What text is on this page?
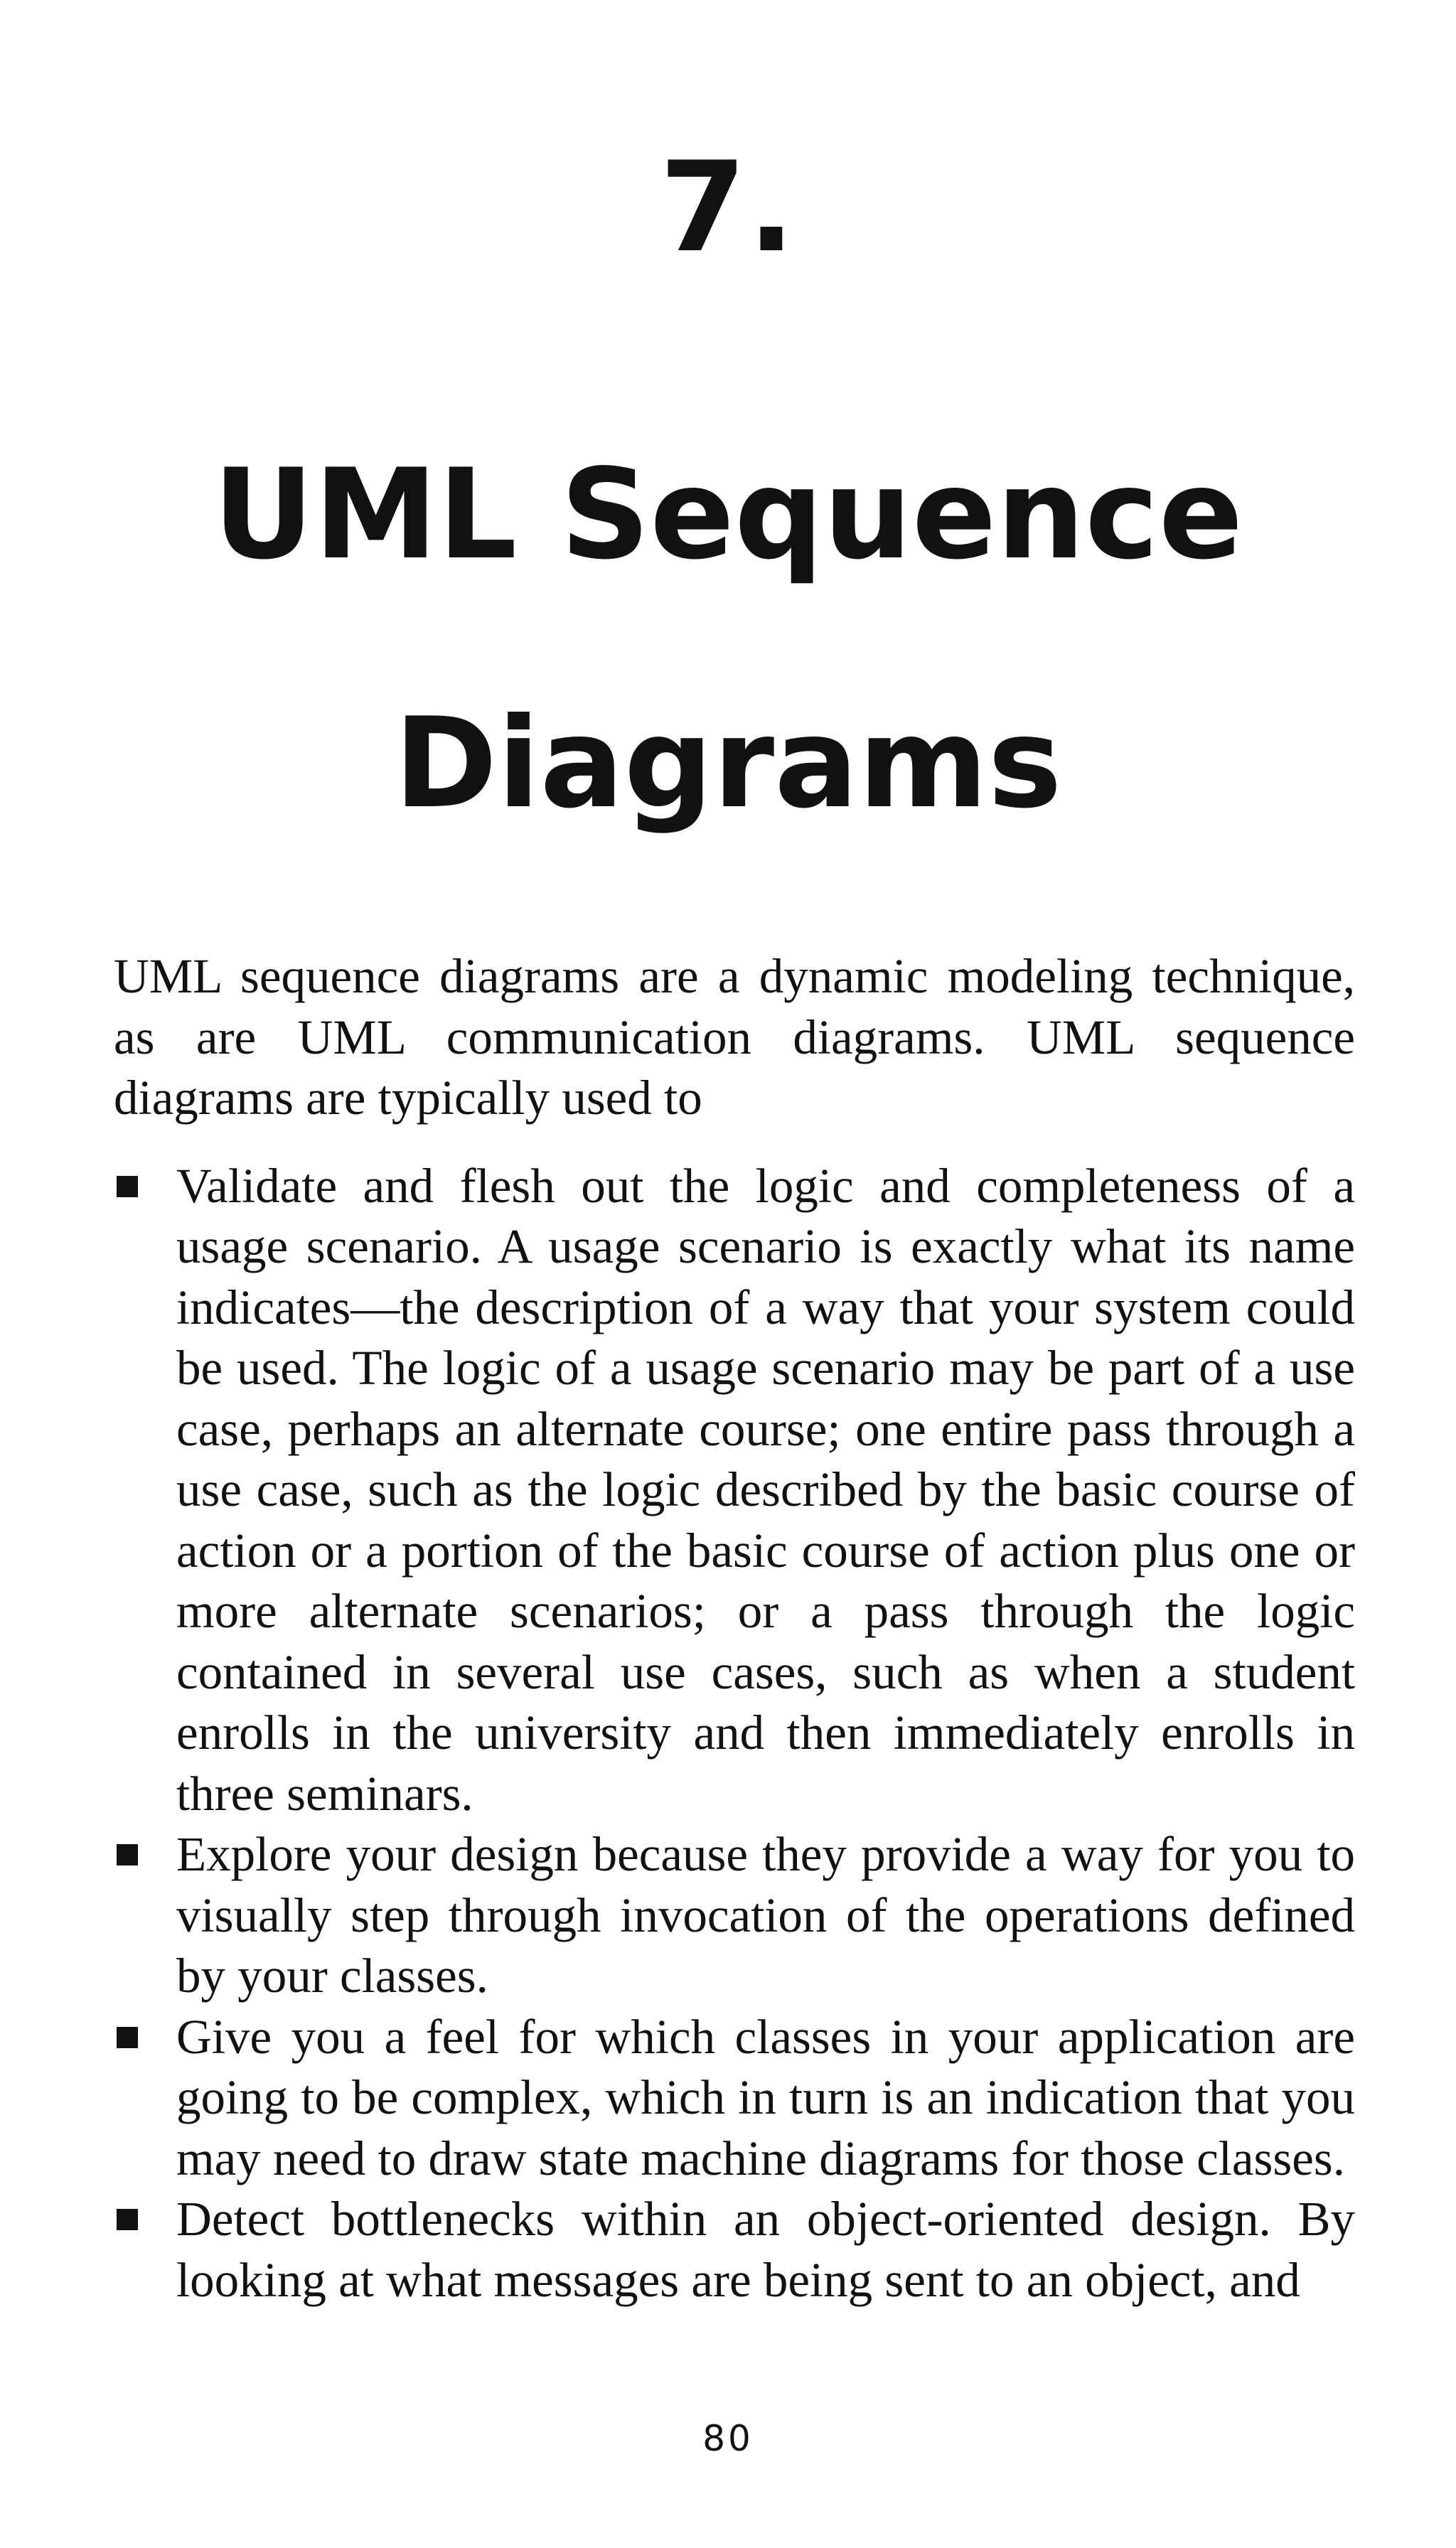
7.
UML Sequence
Diagrams

UML sequence diagrams are a dynamic modeling technique, as are UML communication diagrams. UML sequence diagrams are typically used to

Validate and flesh out the logic and completeness of a usage scenario. A usage scenario is exactly what its name indicates—the description of a way that your system could be used. The logic of a usage scenario may be part of a use case, perhaps an alternate course; one entire pass through a use case, such as the logic described by the basic course of action or a portion of the basic course of action plus one or more alternate scenarios; or a pass through the logic contained in several use cases, such as when a student enrolls in the university and then immediately enrolls in three seminars.
Explore your design because they provide a way for you to visually step through invocation of the operations defined by your classes.
Give you a feel for which classes in your application are going to be complex, which in turn is an indication that you may need to draw state machine diagrams for those classes.
Detect bottlenecks within an object-oriented design. By looking at what messages are being sent to an object, and
80
